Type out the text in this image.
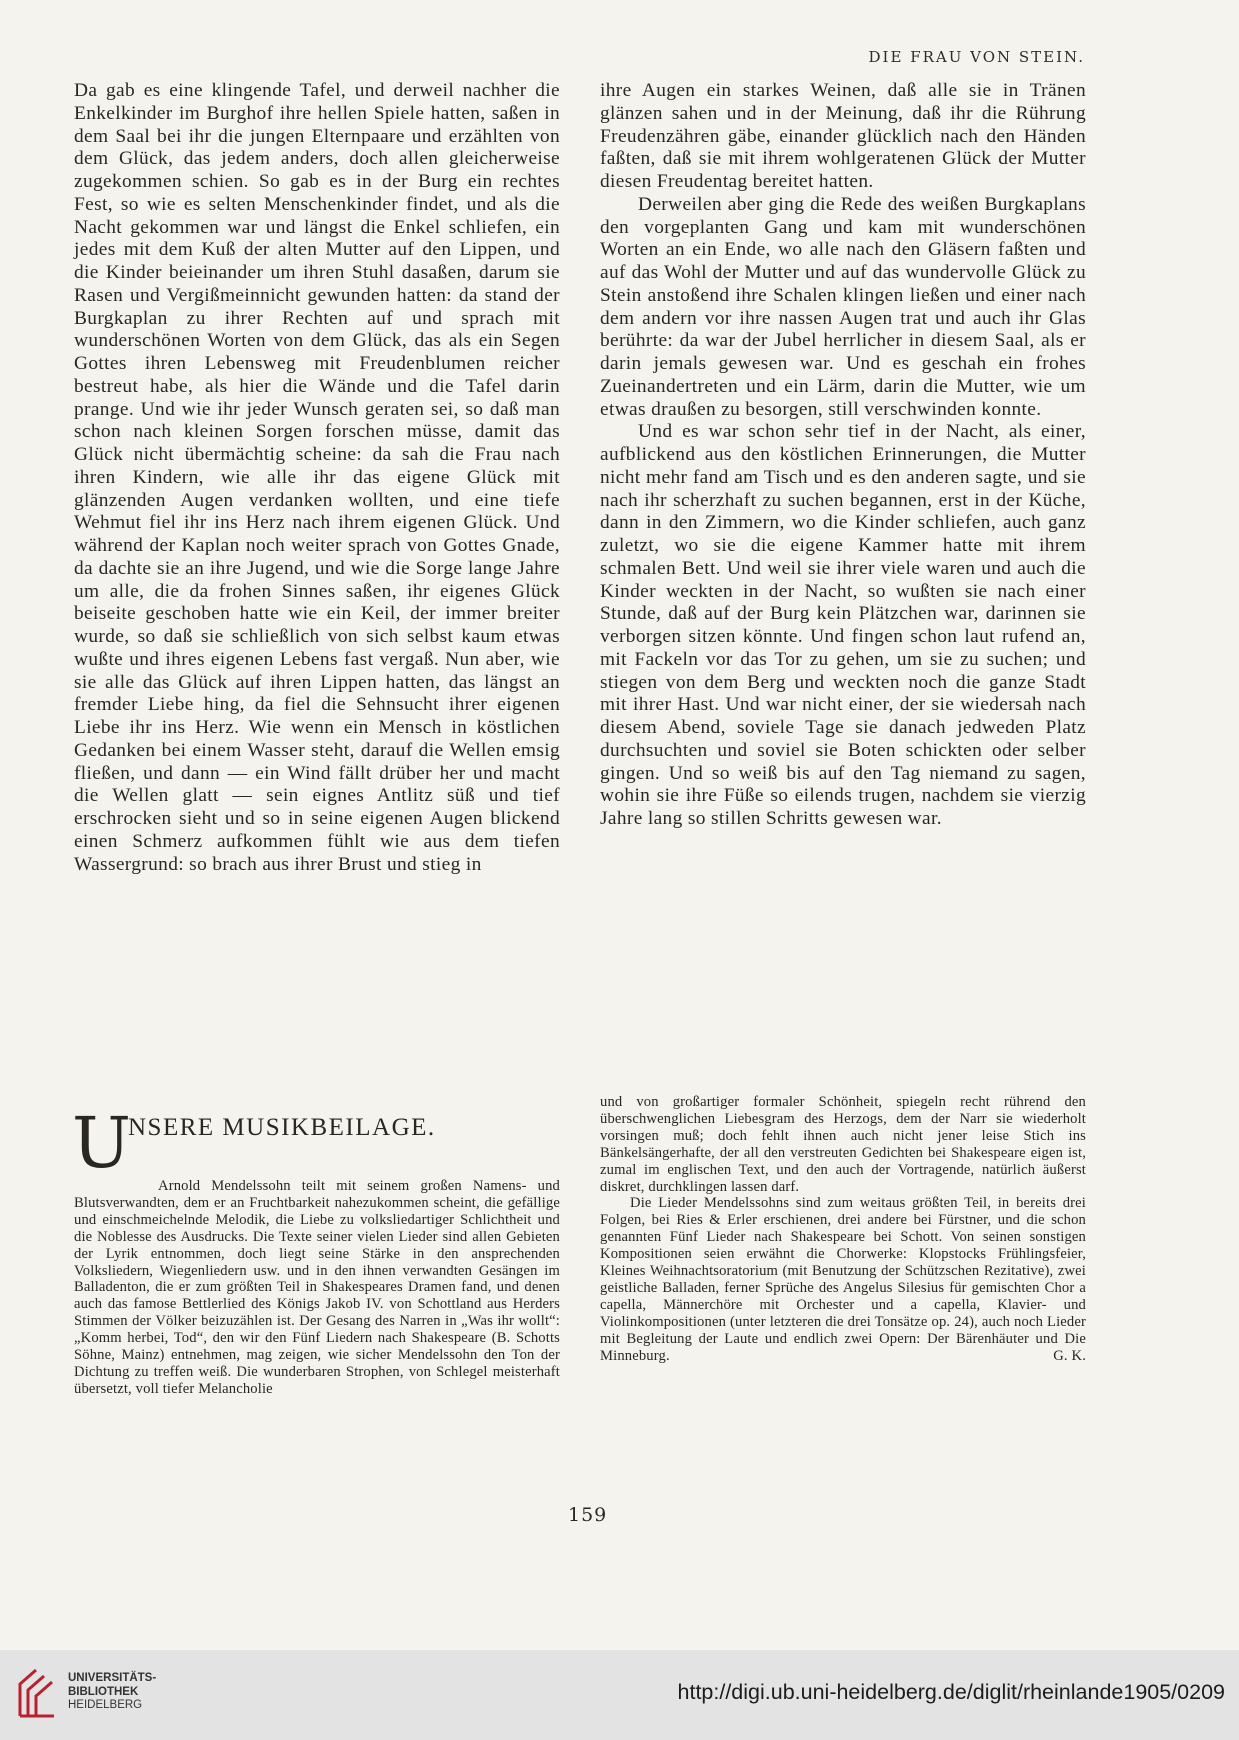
DIE FRAU VON STEIN.

Da gab es eine klingende Tafel, und derweil nachher die Enkelkinder im Burghof ihre hellen Spiele hatten, saßen in dem Saal bei ihr die jungen Elternpaare und erzählten von dem Glück, das jedem anders, doch allen gleicherweise zugekommen schien. So gab es in der Burg ein rechtes Fest, so wie es selten Menschenkinder findet, und als die Nacht gekommen war und längst die Enkel schliefen, ein jedes mit dem Kuß der alten Mutter auf den Lippen, und die Kinder beieinander um ihren Stuhl dasaßen, darum sie Rasen und Vergißmeinnicht gewunden hatten: da stand der Burgkaplan zu ihrer Rechten auf und sprach mit wunderschönen Worten von dem Glück, das als ein Segen Gottes ihren Lebensweg mit Freudenblumen reicher bestreut habe, als hier die Wände und die Tafel darin prange. Und wie ihr jeder Wunsch geraten sei, so daß man schon nach kleinen Sorgen forschen müsse, damit das Glück nicht übermächtig scheine: da sah die Frau nach ihren Kindern, wie alle ihr das eigene Glück mit glänzenden Augen verdanken wollten, und eine tiefe Wehmut fiel ihr ins Herz nach ihrem eigenen Glück. Und während der Kaplan noch weiter sprach von Gottes Gnade, da dachte sie an ihre Jugend, und wie die Sorge lange Jahre um alle, die da frohen Sinnes saßen, ihr eigenes Glück beiseite geschoben hatte wie ein Keil, der immer breiter wurde, so daß sie schließlich von sich selbst kaum etwas wußte und ihres eigenen Lebens fast vergaß. Nun aber, wie sie alle das Glück auf ihren Lippen hatten, das längst an fremder Liebe hing, da fiel die Sehnsucht ihrer eigenen Liebe ihr ins Herz. Wie wenn ein Mensch in köstlichen Gedanken bei einem Wasser steht, darauf die Wellen emsig fließen, und dann — ein Wind fällt drüber her und macht die Wellen glatt — sein eignes Antlitz süß und tief erschrocken sieht und so in seine eigenen Augen blickend einen Schmerz aufkommen fühlt wie aus dem tiefen Wassergrund: so brach aus ihrer Brust und stieg in

ihre Augen ein starkes Weinen, daß alle sie in Tränen glänzen sahen und in der Meinung, daß ihr die Rührung Freudenzähren gäbe, einander glücklich nach den Händen faßten, daß sie mit ihrem wohlgeratenen Glück der Mutter diesen Freudentag bereitet hatten.

Derweilen aber ging die Rede des weißen Burgkaplans den vorgeplanten Gang und kam mit wunderschönen Worten an ein Ende, wo alle nach den Gläsern faßten und auf das Wohl der Mutter und auf das wundervolle Glück zu Stein anstoßend ihre Schalen klingen ließen und einer nach dem andern vor ihre nassen Augen trat und auch ihr Glas berührte: da war der Jubel herrlicher in diesem Saal, als er darin jemals gewesen war. Und es geschah ein frohes Zueinandertreten und ein Lärm, darin die Mutter, wie um etwas draußen zu besorgen, still verschwinden konnte.

Und es war schon sehr tief in der Nacht, als einer, aufblickend aus den köstlichen Erinnerungen, die Mutter nicht mehr fand am Tisch und es den anderen sagte, und sie nach ihr scherzhaft zu suchen begannen, erst in der Küche, dann in den Zimmern, wo die Kinder schliefen, auch ganz zuletzt, wo sie die eigene Kammer hatte mit ihrem schmalen Bett. Und weil sie ihrer viele waren und auch die Kinder weckten in der Nacht, so wußten sie nach einer Stunde, daß auf der Burg kein Plätzchen war, darinnen sie verborgen sitzen könnte. Und fingen schon laut rufend an, mit Fackeln vor das Tor zu gehen, um sie zu suchen; und stiegen von dem Berg und weckten noch die ganze Stadt mit ihrer Hast. Und war nicht einer, der sie wiedersah nach diesem Abend, soviele Tage sie danach jedweden Platz durchsuchten und soviel sie Boten schickten oder selber gingen. Und so weiß bis auf den Tag niemand zu sagen, wohin sie ihre Füße so eilends trugen, nachdem sie vierzig Jahre lang so stillen Schritts gewesen war.

U
NSERE MUSIKBEILAGE.

Arnold Mendelssohn teilt mit seinem großen Namens- und Blutsverwandten, dem er an Fruchtbarkeit nahezukommen scheint, die gefällige und einschmeichelnde Melodik, die Liebe zu volksliedartiger Schlichtheit und die Noblesse des Ausdrucks. Die Texte seiner vielen Lieder sind allen Gebieten der Lyrik entnommen, doch liegt seine Stärke in den ansprechenden Volksliedern, Wiegenliedern usw. und in den ihnen verwandten Gesängen im Balladenton, die er zum größten Teil in Shakespeares Dramen fand, und denen auch das famose Bettlerlied des Königs Jakob IV. von Schottland aus Herders Stimmen der Völker beizuzählen ist. Der Gesang des Narren in „Was ihr wollt“: „Komm herbei, Tod“, den wir den Fünf Liedern nach Shakespeare (B. Schotts Söhne, Mainz) entnehmen, mag zeigen, wie sicher Mendelssohn den Ton der Dichtung zu treffen weiß. Die wunderbaren Strophen, von Schlegel meisterhaft übersetzt, voll tiefer Melancholie

und von großartiger formaler Schönheit, spiegeln recht rührend den überschwenglichen Liebesgram des Herzogs, dem der Narr sie wiederholt vorsingen muß; doch fehlt ihnen auch nicht jener leise Stich ins Bänkelsängerhafte, der all den verstreuten Gedichten bei Shakespeare eigen ist, zumal im englischen Text, und den auch der Vortragende, natürlich äußerst diskret, durchklingen lassen darf.

Die Lieder Mendelssohns sind zum weitaus größten Teil, in bereits drei Folgen, bei Ries & Erler erschienen, drei andere bei Fürstner, und die schon genannten Fünf Lieder nach Shakespeare bei Schott. Von seinen sonstigen Kompositionen seien erwähnt die Chorwerke: Klopstocks Frühlingsfeier, Kleines Weihnachtsoratorium (mit Benutzung der Schützschen Rezitative), zwei geistliche Balladen, ferner Sprüche des Angelus Silesius für gemischten Chor a capella, Männerchöre mit Orchester und a capella, Klavier- und Violinkompositionen (unter letzteren die drei Tonsätze op. 24), auch noch Lieder mit Begleitung der Laute und endlich zwei Opern: Der Bärenhäuter und Die Minneburg.	G. K.

159
UNIVERSITÄTS-
BIBLIOTHEK
HEIDELBERG
http://digi.ub.uni-heidelberg.de/diglit/rheinlande1905/0209
